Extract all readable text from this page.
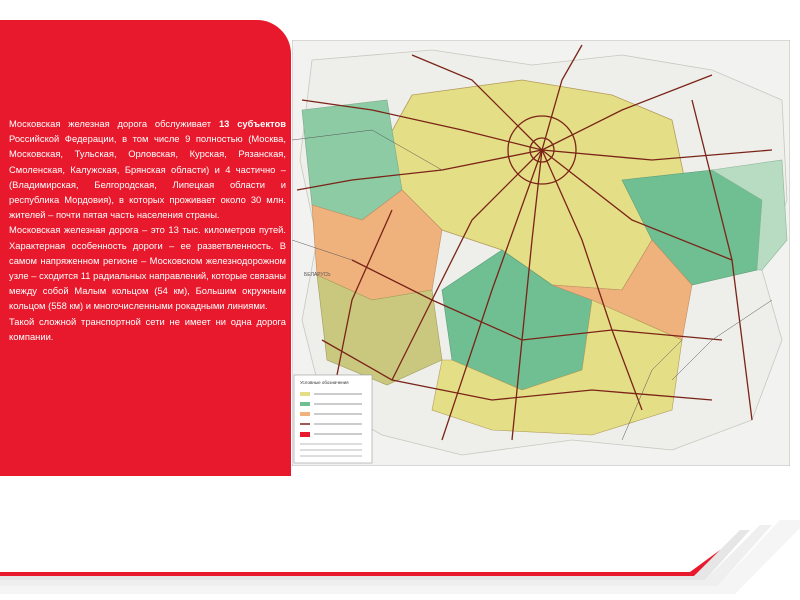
Московская железная дорога обслуживает 13 субъектов Российской Федерации, в том числе 9 полностью (Москва, Московская, Тульская, Орловская, Курская, Рязанская, Смоленская, Калужская, Брянская области) и 4 частично – (Владимирская, Белгородская, Липецкая области и республика Мордовия), в которых проживает около 30 млн. жителей – почти пятая часть населения страны.

Московская железная дорога – это 13 тыс. километров путей. Характерная особенность дороги – ее разветвленность. В самом напряженном регионе – Московском железнодорожном узле – сходится 11 радиальных направлений, которые связаны между собой Малым кольцом (54 км), Большим окружным кольцом (558 км) и многочисленными рокадными линиями.

Такой сложной транспортной сети не имеет ни одна дорога компании.

БЕЛАРУСЬ
Условные обозначения
